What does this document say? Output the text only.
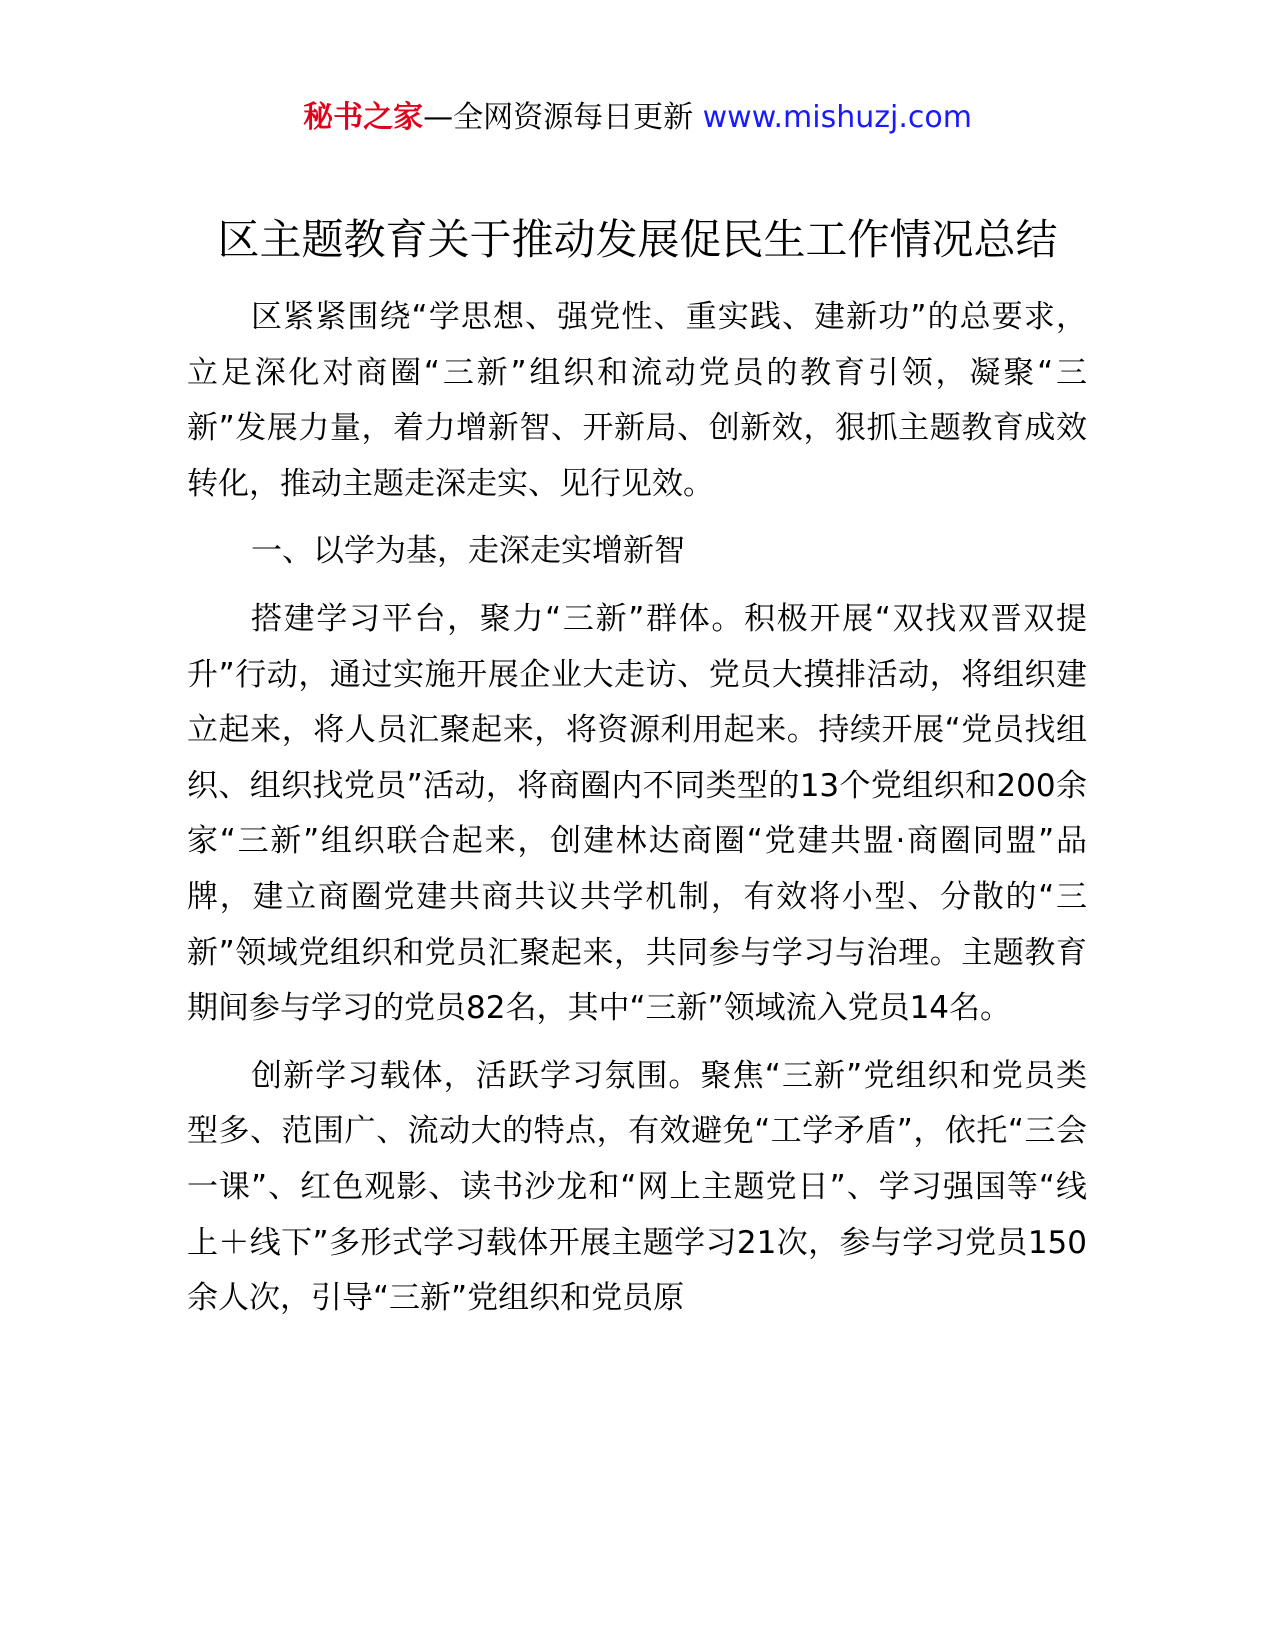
秘书之家—全网资源每日更新 www.mishuzj.com
区主题教育关于推动发展促民生工作情况总结

区紧紧围绕“学思想、强党性、重实践、建新功”的总要求，立足深化对商圈“三新”组织和流动党员的教育引领，凝聚“三新”发展力量，着力增新智、开新局、创新效，狠抓主题教育成效转化，推动主题走深走实、见行见效。

一、以学为基，走深走实增新智

搭建学习平台，聚力“三新”群体。积极开展“双找双晋双提升”行动，通过实施开展企业大走访、党员大摸排活动，将组织建立起来，将人员汇聚起来，将资源利用起来。持续开展“党员找组织、组织找党员”活动，将商圈内不同类型的13个党组织和200余家“三新”组织联合起来，创建林达商圈“党建共盟·商圈同盟”品牌，建立商圈党建共商共议共学机制，有效将小型、分散的“三新”领域党组织和党员汇聚起来，共同参与学习与治理。主题教育期间参与学习的党员82名，其中“三新”领域流入党员14名。

创新学习载体，活跃学习氛围。聚焦“三新”党组织和党员类型多、范围广、流动大的特点，有效避免“工学矛盾”，依托“三会一课”、红色观影、读书沙龙和“网上主题党日”、学习强国等“线上＋线下”多形式学习载体开展主题学习21次，参与学习党员150余人次，引导“三新”党组织和党员原
